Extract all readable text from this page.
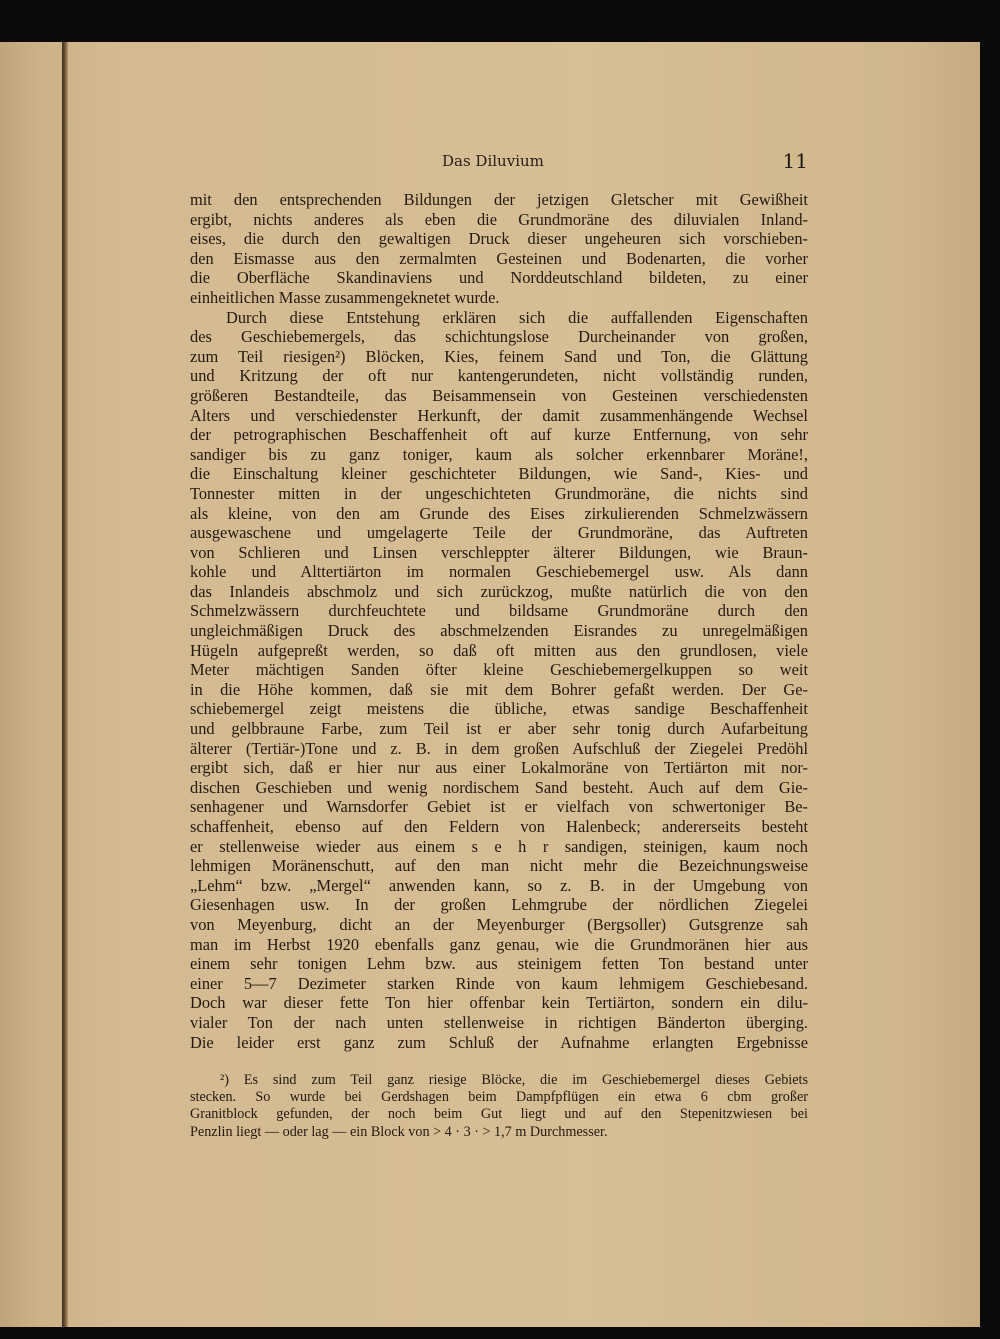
Das Diluvium	11
mit den entsprechenden Bildungen der jetzigen Gletscher mit Gewißheit
ergibt, nichts anderes als eben die Grundmoräne des diluvialen Inland-
eises, die durch den gewaltigen Druck dieser ungeheuren sich vorschieben-
den Eismasse aus den zermalmten Gesteinen und Bodenarten, die vorher
die Oberfläche Skandinaviens und Norddeutschland bildeten, zu einer
einheitlichen Masse zusammengeknetet wurde.
Durch diese Entstehung erklären sich die auffallenden Eigenschaften
des Geschiebemergels, das schichtungslose Durcheinander von großen,
zum Teil riesigen²) Blöcken, Kies, feinem Sand und Ton, die Glättung
und Kritzung der oft nur kantengerundeten, nicht vollständig runden,
größeren Bestandteile, das Beisammensein von Gesteinen verschiedensten
Alters und verschiedenster Herkunft, der damit zusammenhängende Wechsel
der petrographischen Beschaffenheit oft auf kurze Entfernung, von sehr
sandiger bis zu ganz toniger, kaum als solcher erkennbarer Moräne!,
die Einschaltung kleiner geschichteter Bildungen, wie Sand-, Kies- und
Tonnester mitten in der ungeschichteten Grundmoräne, die nichts sind
als kleine, von den am Grunde des Eises zirkulierenden Schmelzwässern
ausgewaschene und umgelagerte Teile der Grundmoräne, das Auftreten
von Schlieren und Linsen verschleppter älterer Bildungen, wie Braun-
kohle und Alttertiärton im normalen Geschiebemergel usw. Als dann
das Inlandeis abschmolz und sich zurückzog, mußte natürlich die von den
Schmelzwässern durchfeuchtete und bildsame Grundmoräne durch den
ungleichmäßigen Druck des abschmelzenden Eisrandes zu unregelmäßigen
Hügeln aufgepreßt werden, so daß oft mitten aus den grundlosen, viele
Meter mächtigen Sanden öfter kleine Geschiebemergelkuppen so weit
in die Höhe kommen, daß sie mit dem Bohrer gefaßt werden. Der Ge-
schiebemergel zeigt meistens die übliche, etwas sandige Beschaffenheit
und gelbbraune Farbe, zum Teil ist er aber sehr tonig durch Aufarbeitung
älterer (Tertiär-)Tone und z. B. in dem großen Aufschluß der Ziegelei Predöhl
ergibt sich, daß er hier nur aus einer Lokalmoräne von Tertiärton mit nor-
dischen Geschieben und wenig nordischem Sand besteht. Auch auf dem Gie-
senhagener und Warnsdorfer Gebiet ist er vielfach von schwertoniger Be-
schaffenheit, ebenso auf den Feldern von Halenbeck; andererseits besteht
er stellenweise wieder aus einem s e h r sandigen, steinigen, kaum noch
lehmigen Moränenschutt, auf den man nicht mehr die Bezeichnungsweise
„Lehm“ bzw. „Mergel“ anwenden kann, so z. B. in der Umgebung von
Giesenhagen usw. In der großen Lehmgrube der nördlichen Ziegelei
von Meyenburg, dicht an der Meyenburger (Bergsoller) Gutsgrenze sah
man im Herbst 1920 ebenfalls ganz genau, wie die Grundmoränen hier aus
einem sehr tonigen Lehm bzw. aus steinigem fetten Ton bestand unter
einer 5—7 Dezimeter starken Rinde von kaum lehmigem Geschiebesand.
Doch war dieser fette Ton hier offenbar kein Tertiärton, sondern ein dilu-
vialer Ton der nach unten stellenweise in richtigen Bänderton überging.
Die leider erst ganz zum Schluß der Aufnahme erlangten Ergebnisse
²) Es sind zum Teil ganz riesige Blöcke, die im Geschiebemergel dieses Gebiets
stecken. So wurde bei Gerdshagen beim Dampfpflügen ein etwa 6 cbm großer
Granitblock gefunden, der noch beim Gut liegt und auf den Stepenitzwiesen bei
Penzlin liegt — oder lag — ein Block von > 4 · 3 · > 1,7 m Durchmesser.
